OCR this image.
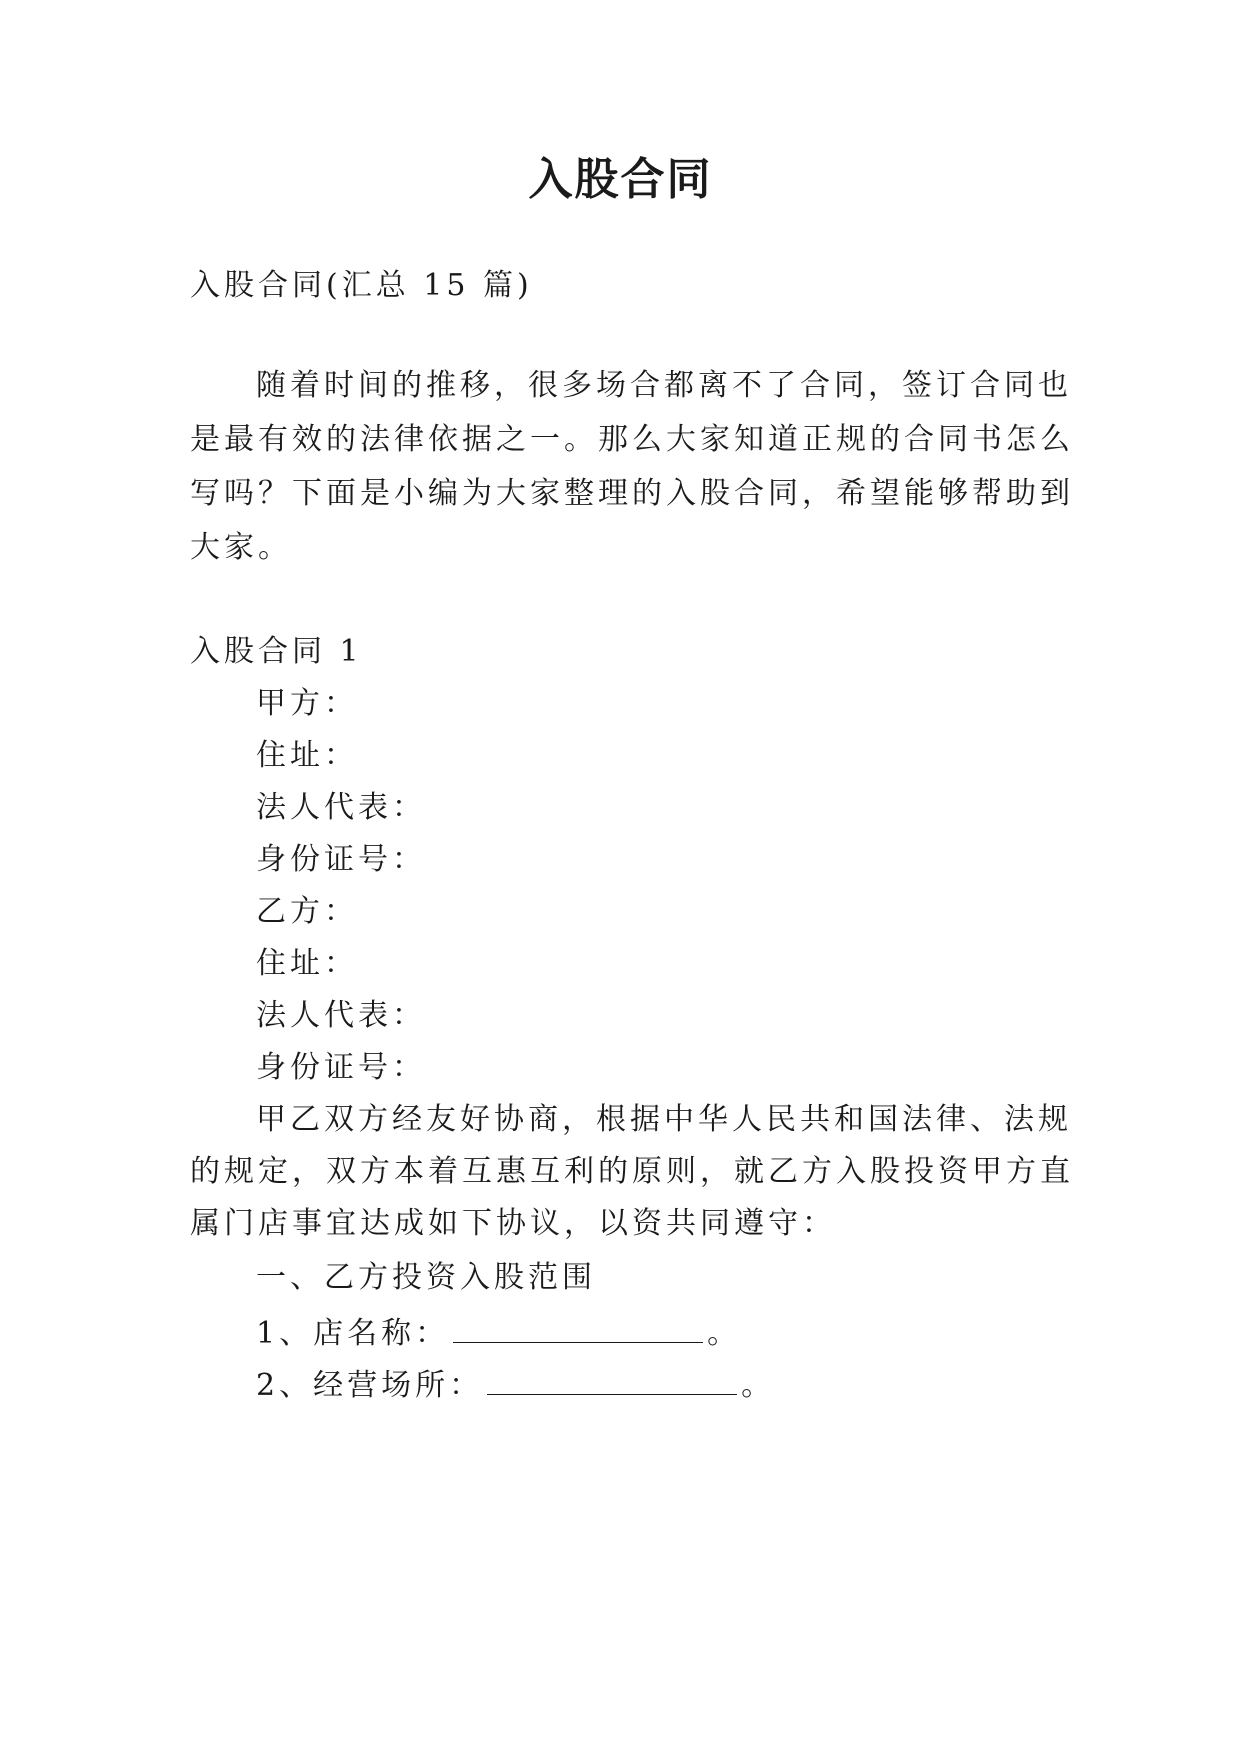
入股合同
入股合同(汇总 15 篇)
随着时间的推移，很多场合都离不了合同，签订合同也
是最有效的法律依据之一。那么大家知道正规的合同书怎么
写吗？下面是小编为大家整理的入股合同，希望能够帮助到
大家。
入股合同 1
甲方：
住址：
法人代表：
身份证号：
乙方：
住址：
法人代表：
身份证号：
甲乙双方经友好协商，根据中华人民共和国法律、法规
的规定，双方本着互惠互利的原则，就乙方入股投资甲方直
属门店事宜达成如下协议，以资共同遵守：
一、乙方投资入股范围
1、店名称：	。
2、经营场所：	。
